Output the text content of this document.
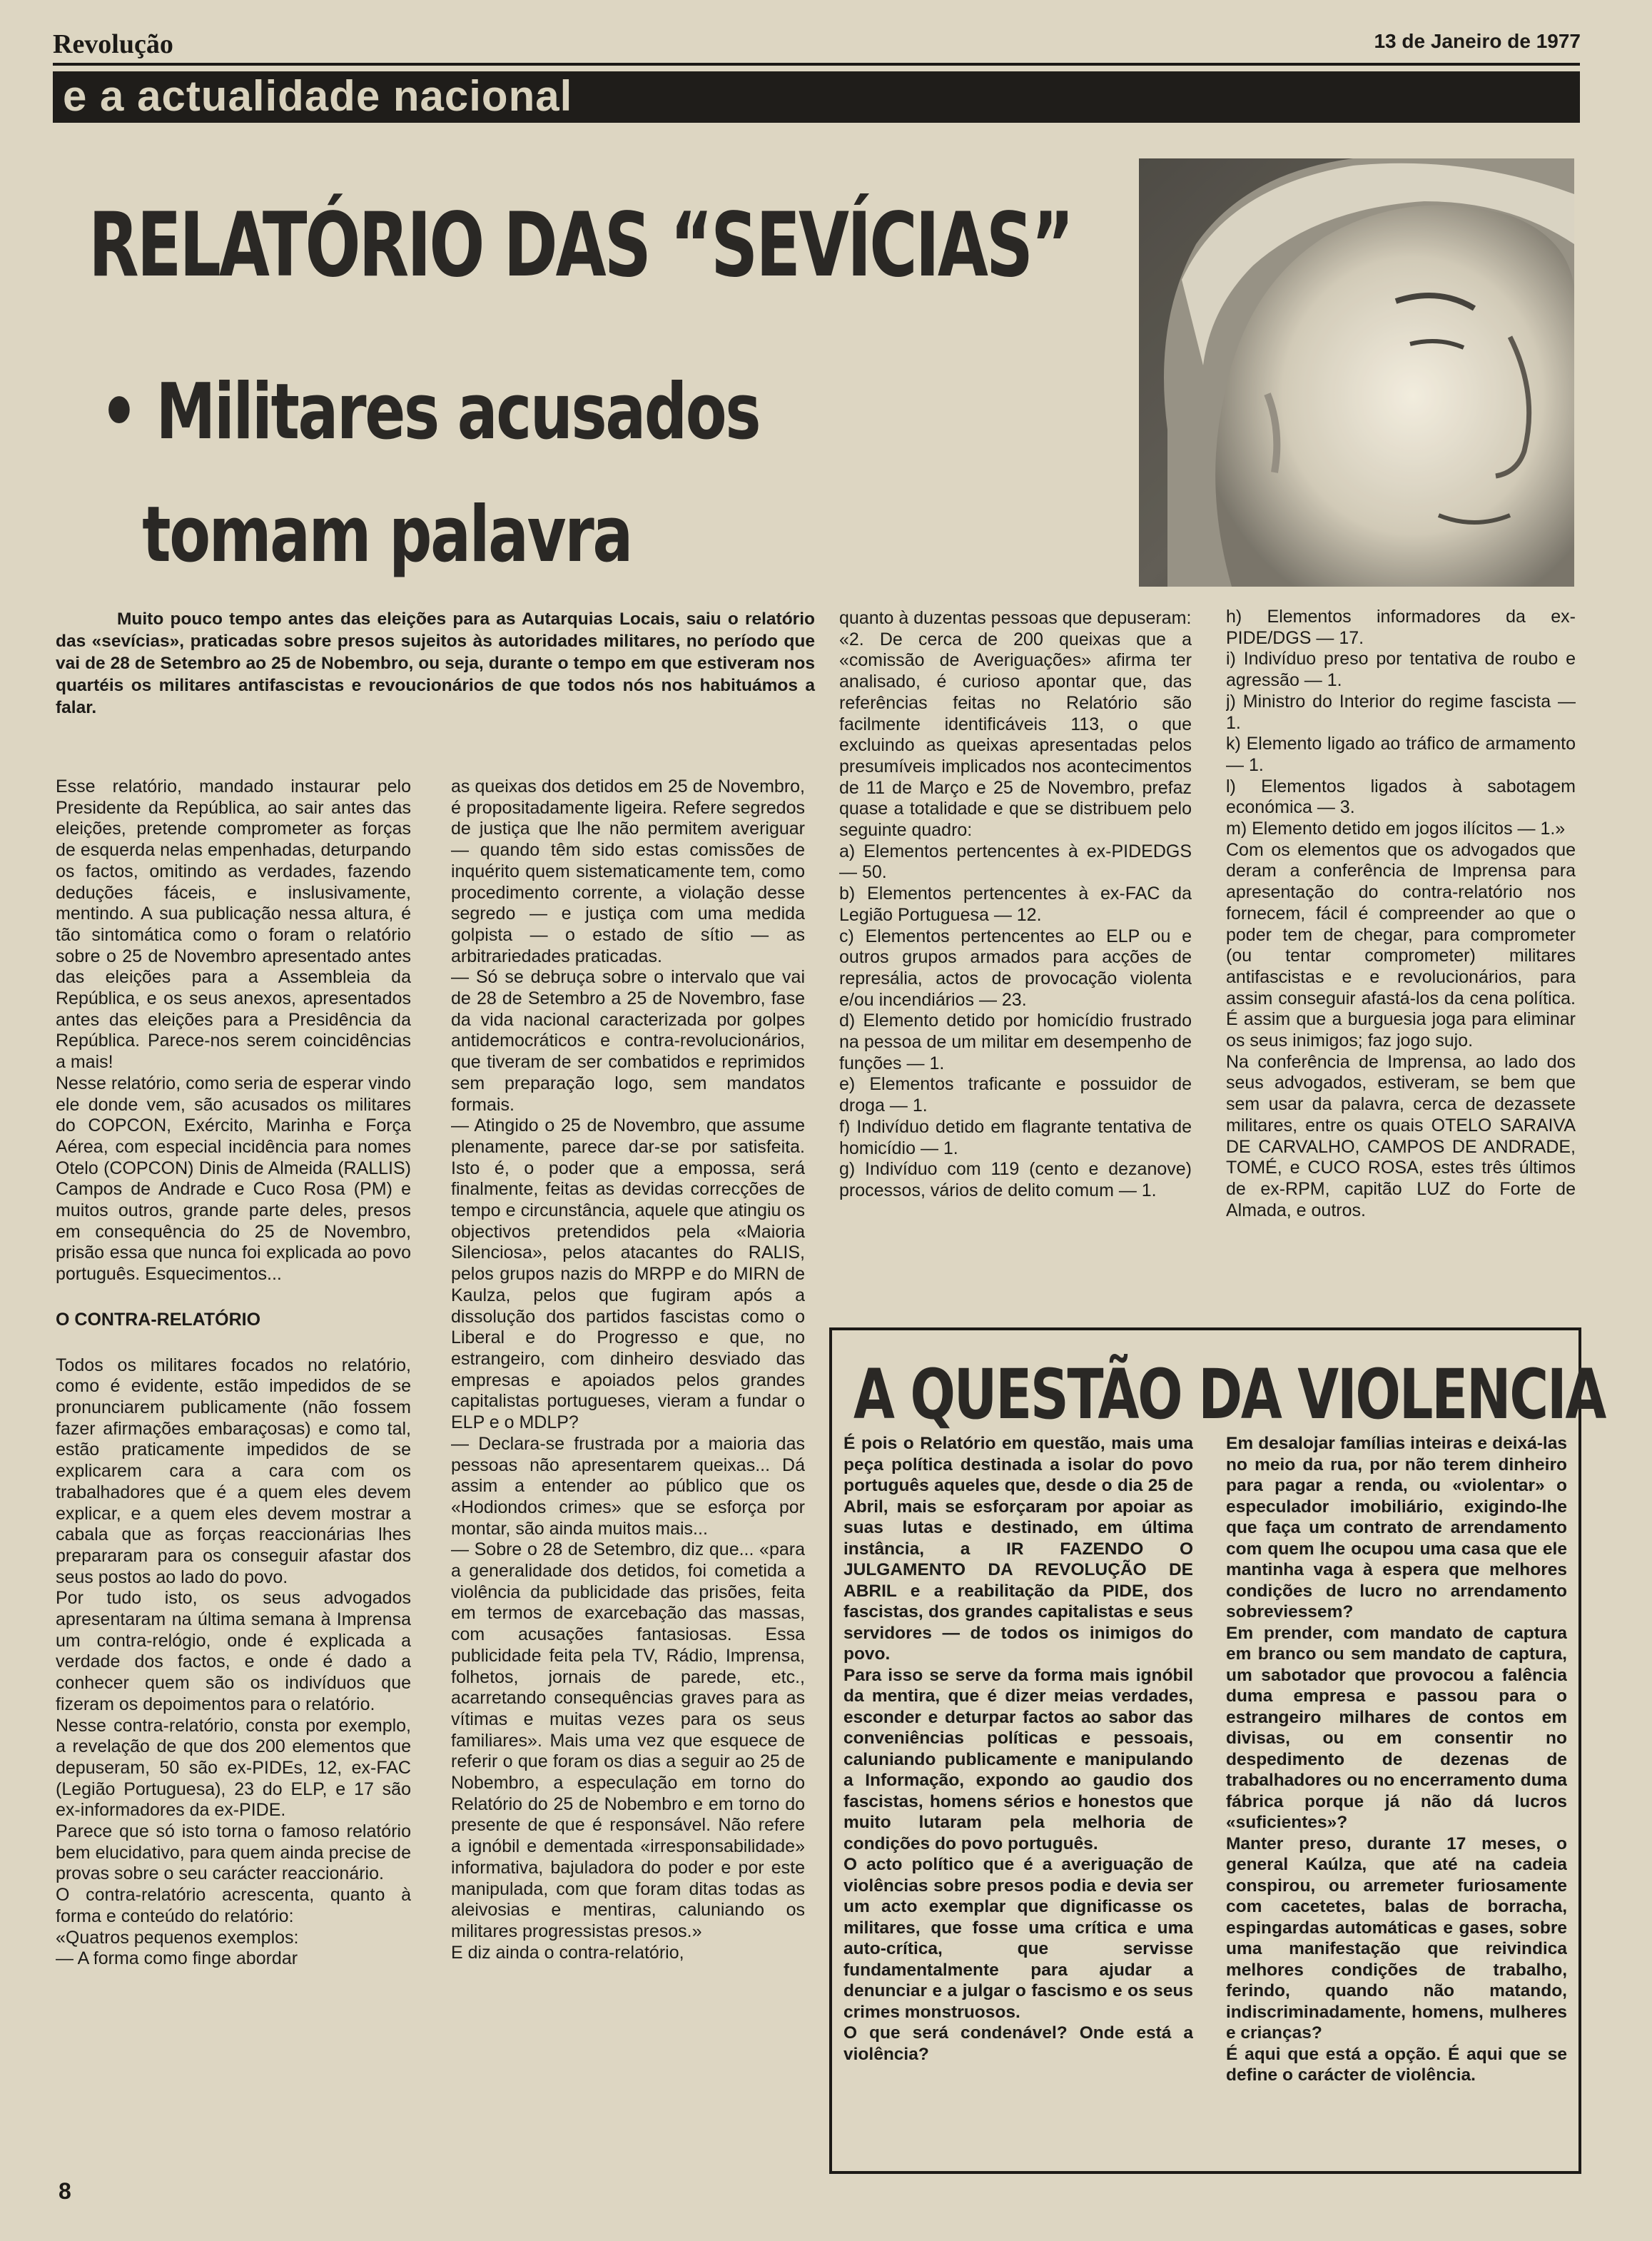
Revolução	13 de Janeiro de 1977
e a actualidade nacional
RELATÓRIO DAS “SEVÍCIAS”
• Militares acusados
tomam palavra

Muito pouco tempo antes das eleições para as Autarquias Locais, saiu o relatório das «sevícias», praticadas sobre presos sujeitos às autoridades militares, no período que vai de 28 de Setembro ao 25 de Nobembro, ou seja, durante o tempo em que estiveram nos quartéis os militares antifascistas e revoucionários de que todos nós nos habituámos a falar.

Esse relatório, mandado instaurar pelo Presidente da República, ao sair antes das eleições, pretende comprometer as forças de esquerda nelas empenhadas, deturpando os factos, omitindo as verdades, fazendo deduções fáceis, e inslusivamente, mentindo. A sua publicação nessa altura, é tão sintomática como o foram o relatório sobre o 25 de Novembro apresentado antes das eleições para a Assembleia da República, e os seus anexos, apresentados antes das eleições para a Presidência da República. Parece-nos serem coincidências a mais!
Nesse relatório, como seria de esperar vindo ele donde vem, são acusados os militares do COPCON, Exército, Marinha e Força Aérea, com especial incidência para nomes Otelo (COPCON) Dinis de Almeida (RALLIS) Campos de Andrade e Cuco Rosa (PM) e muitos outros, grande parte deles, presos em consequência do 25 de Novembro, prisão essa que nunca foi explicada ao povo português. Esquecimentos...

O CONTRA-RELATÓRIO
Todos os militares focados no relatório, como é evidente, estão impedidos de se pronunciarem publicamente (não fossem fazer afirmações embaraçosas) e como tal, estão praticamente impedidos de se explicarem cara a cara com os trabalhadores que é a quem eles devem explicar, e a quem eles devem mostrar a cabala que as forças reaccionárias lhes prepararam para os conseguir afastar dos seus postos ao lado do povo.
Por tudo isto, os seus advogados apresentaram na última semana à Imprensa um contra-relógio, onde é explicada a verdade dos factos, e onde é dado a conhecer quem são os indivíduos que fizeram os depoimentos para o relatório.
Nesse contra-relatório, consta por exemplo, a revelação de que dos 200 elementos que depuseram, 50 são ex-PIDEs, 12, ex-FAC (Legião Portuguesa), 23 do ELP, e 17 são ex-informadores da ex-PIDE.
Parece que só isto torna o famoso relatório bem elucidativo, para quem ainda precise de provas sobre o seu carácter reaccionário.
O contra-relatório acrescenta, quanto à forma e conteúdo do relatório:
«Quatros pequenos exemplos:
— A forma como finge abordar
as queixas dos detidos em 25 de Novembro, é propositadamente ligeira. Refere segredos de justiça que lhe não permitem averiguar — quando têm sido estas comissões de inquérito quem sistematicamente tem, como procedimento corrente, a violação desse segredo — e justiça com uma medida golpista — o estado de sítio — as arbitrariedades praticadas.
— Só se debruça sobre o intervalo que vai de 28 de Setembro a 25 de Novembro, fase da vida nacional caracterizada por golpes antidemocráticos e contra-revolucionários, que tiveram de ser combatidos e reprimidos sem preparação logo, sem mandatos formais.
— Atingido o 25 de Novembro, que assume plenamente, parece dar-se por satisfeita. Isto é, o poder que a empossa, será finalmente, feitas as devidas correcções de tempo e circunstância, aquele que atingiu os objectivos pretendidos pela «Maioria Silenciosa», pelos atacantes do RALIS, pelos grupos nazis do MRPP e do MIRN de Kaulza, pelos que fugiram após a dissolução dos partidos fascistas como o Liberal e do Progresso e que, no estrangeiro, com dinheiro desviado das empresas e apoiados pelos grandes capitalistas portugueses, vieram a fundar o ELP e o MDLP?
— Declara-se frustrada por a maioria das pessoas não apresentarem queixas... Dá assim a entender ao público que os «Hodiondos crimes» que se esforça por montar, são ainda muitos mais...
— Sobre o 28 de Setembro, diz que... «para a generalidade dos detidos, foi cometida a violência da publicidade das prisões, feita em termos de exarcebação das massas, com acusações fantasiosas. Essa publicidade feita pela TV, Rádio, Imprensa, folhetos, jornais de parede, etc., acarretando consequências graves para as vítimas e muitas vezes para os seus familiares». Mais uma vez que esquece de referir o que foram os dias a seguir ao 25 de Nobembro, a especulação em torno do Relatório do 25 de Nobembro e em torno do presente de que é responsável. Não refere a ignóbil e dementada «irresponsabilidade» informativa, bajuladora do poder e por este manipulada, com que foram ditas todas as aleivosias e mentiras, caluniando os militares progressistas presos.»
E diz ainda o contra-relatório,
quanto à duzentas pessoas que depuseram:
«2. De cerca de 200 queixas que a «comissão de Averiguações» afirma ter analisado, é curioso apontar que, das referências feitas no Relatório são facilmente identificáveis 113, o que excluindo as queixas apresentadas pelos presumíveis implicados nos acontecimentos de 11 de Março e 25 de Novembro, prefaz quase a totalidade e que se distribuem pelo seguinte quadro:
a) Elementos pertencentes à ex-PIDEDGS — 50.
b) Elementos pertencentes à ex-FAC da Legião Portuguesa — 12.
c) Elementos pertencentes ao ELP ou e outros grupos armados para acções de represália, actos de provocação violenta e/ou incendiários — 23.
d) Elemento detido por homicídio frustrado na pessoa de um militar em desempenho de funções — 1.
e) Elementos traficante e possuidor de droga — 1.
f) Indivíduo detido em flagrante tentativa de homicídio — 1.
g) Indivíduo com 119 (cento e dezanove) processos, vários de delito comum — 1.
h) Elementos informadores da ex-PIDE/DGS — 17.
i) Indivíduo preso por tentativa de roubo e agressão — 1.
j) Ministro do Interior do regime fascista — 1.
k) Elemento ligado ao tráfico de armamento — 1.
l) Elementos ligados à sabotagem económica — 3.
m) Elemento detido em jogos ilícitos — 1.»
Com os elementos que os advogados que deram a conferência de Imprensa para apresentação do contra-relatório nos fornecem, fácil é compreender ao que o poder tem de chegar, para comprometer (ou tentar comprometer) militares antifascistas e e revolucionários, para assim conseguir afastá-los da cena política. É assim que a burguesia joga para eliminar os seus inimigos; faz jogo sujo.
Na conferência de Imprensa, ao lado dos seus advogados, estiveram, se bem que sem usar da palavra, cerca de dezassete militares, entre os quais OTELO SARAIVA DE CARVALHO, CAMPOS DE ANDRADE, TOMÉ, e CUCO ROSA, estes três últimos de ex-RPM, capitão LUZ do Forte de Almada, e outros.
A QUESTÃO DA VIOLENCIA
É pois o Relatório em questão, mais uma peça política destinada a isolar do povo português aqueles que, desde o dia 25 de Abril, mais se esforçaram por apoiar as suas lutas e destinado, em última instância, a IR FAZENDO O JULGAMENTO DA REVOLUÇÃO DE ABRIL e a reabilitação da PIDE, dos fascistas, dos grandes capitalistas e seus servidores — de todos os inimigos do povo.
Para isso se serve da forma mais ignóbil da mentira, que é dizer meias verdades, esconder e deturpar factos ao sabor das conveniências políticas e pessoais, caluniando publicamente e manipulando a Informação, expondo ao gaudio dos fascistas, homens sérios e honestos que muito lutaram pela melhoria de condições do povo português.
O acto político que é a averiguação de violências sobre presos podia e devia ser um acto exemplar que dignificasse os militares, que fosse uma crítica e uma auto-crítica, que servisse fundamentalmente para ajudar a denunciar e a julgar o fascismo e os seus crimes monstruosos.
O que será condenável? Onde está a violência?
Em desalojar famílias inteiras e deixá-las no meio da rua, por não terem dinheiro para pagar a renda, ou «violentar» o especulador imobiliário, exigindo-lhe que faça um contrato de arrendamento com quem lhe ocupou uma casa que ele mantinha vaga à espera que melhores condições de lucro no arrendamento sobreviessem?
Em prender, com mandato de captura em branco ou sem mandato de captura, um sabotador que provocou a falência duma empresa e passou para o estrangeiro milhares de contos em divisas, ou em consentir no despedimento de dezenas de trabalhadores ou no encerramento duma fábrica porque já não dá lucros «suficientes»?
Manter preso, durante 17 meses, o general Kaúlza, que até na cadeia conspirou, ou arremeter furiosamente com cacetetes, balas de borracha, espingardas automáticas e gases, sobre uma manifestação que reivindica melhores condições de trabalho, ferindo, quando não matando, indiscriminadamente, homens, mulheres e crianças?
É aqui que está a opção. É aqui que se define o carácter de violência.
8
